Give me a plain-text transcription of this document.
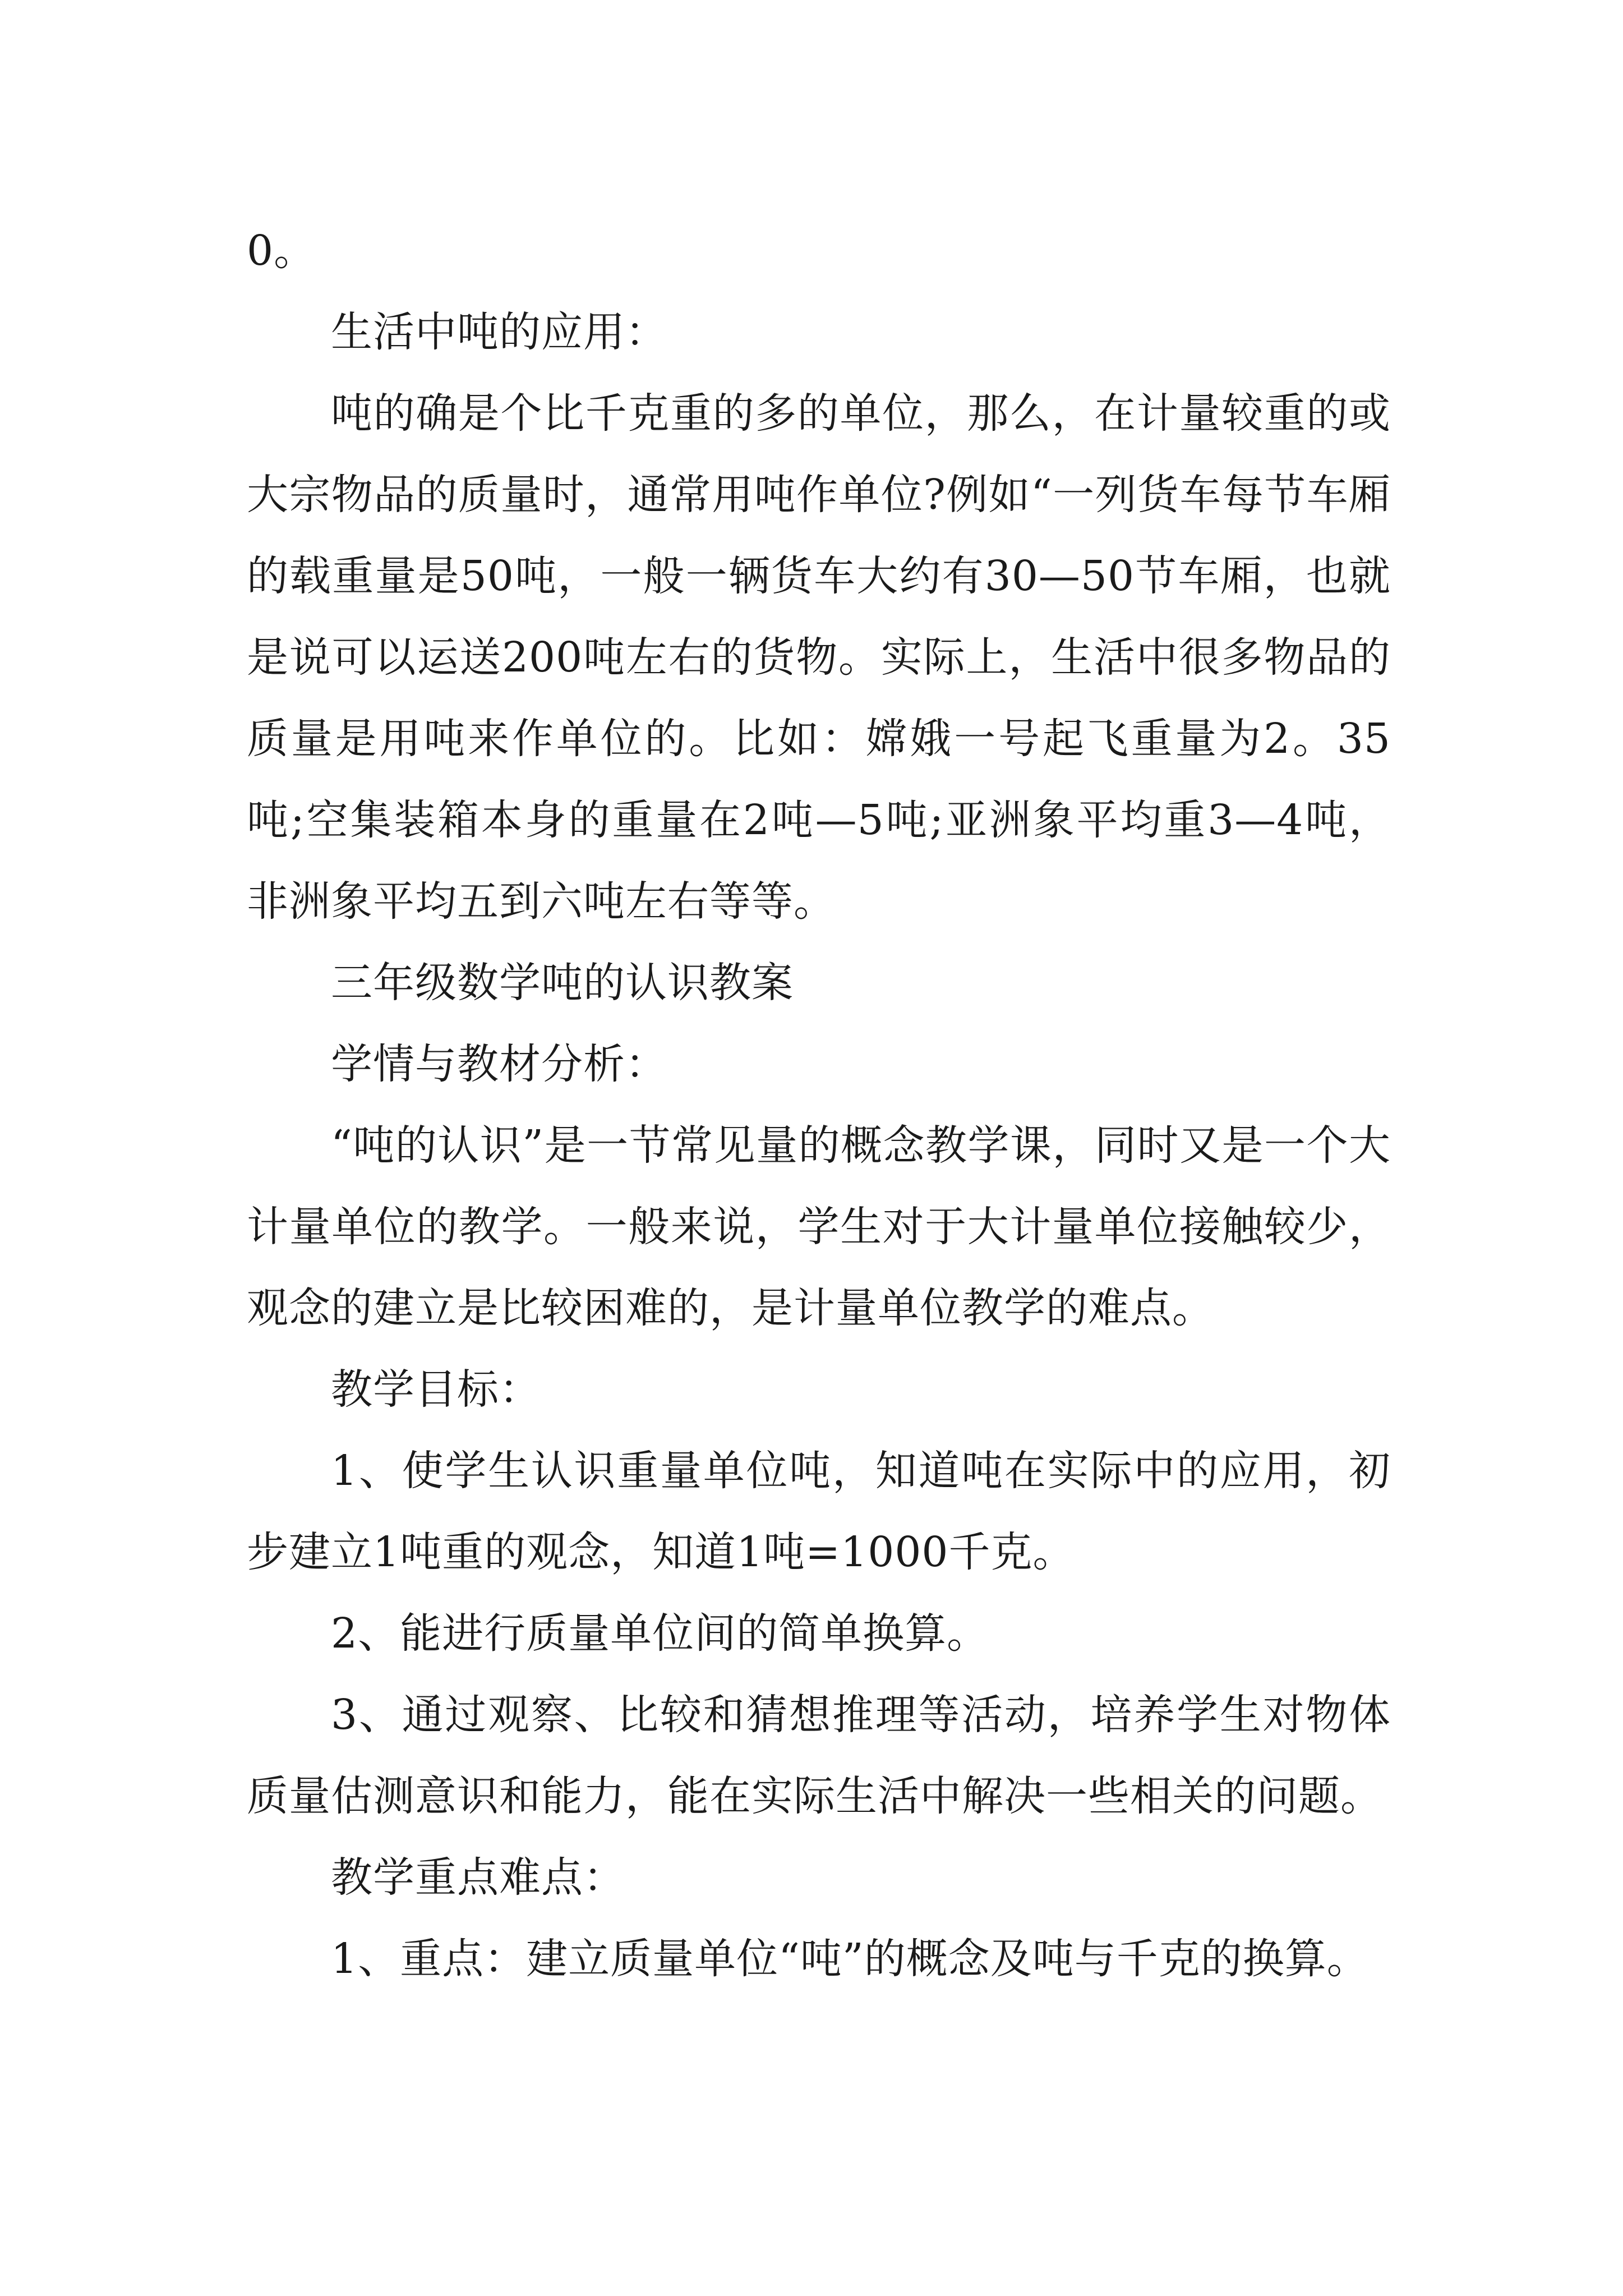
0。

生活中吨的应用：

吨的确是个比千克重的多的单位，那么，在计量较重的或大宗物品的质量时，通常用吨作单位?例如“一列货车每节车厢的载重量是50吨，一般一辆货车大约有30—50节车厢，也就是说可以运送200吨左右的货物。实际上，生活中很多物品的质量是用吨来作单位的。比如：嫦娥一号起飞重量为2。35吨;空集装箱本身的重量在2吨—5吨;亚洲象平均重3—4吨，非洲象平均五到六吨左右等等。

三年级数学吨的认识教案

学情与教材分析：

“吨的认识”是一节常见量的概念教学课，同时又是一个大计量单位的教学。一般来说，学生对于大计量单位接触较少，观念的建立是比较困难的，是计量单位教学的难点。

教学目标：

1、使学生认识重量单位吨，知道吨在实际中的应用，初步建立1吨重的观念，知道1吨=1000千克。

2、能进行质量单位间的简单换算。

3、通过观察、比较和猜想推理等活动，培养学生对物体质量估测意识和能力，能在实际生活中解决一些相关的问题。

教学重点难点：

1、重点：建立质量单位“吨”的概念及吨与千克的换算。
